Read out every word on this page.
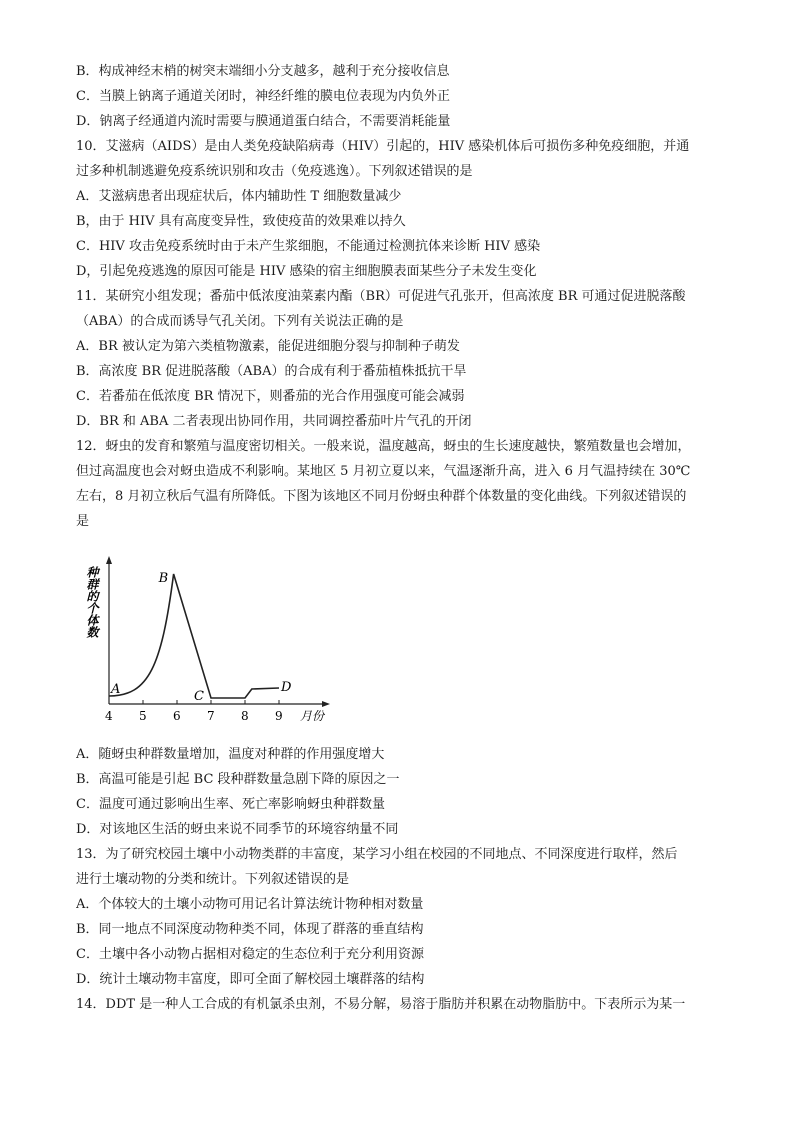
B．构成神经末梢的树突末端细小分支越多，越利于充分接收信息
C．当膜上钠离子通道关闭时，神经纤维的膜电位表现为内负外正
D．钠离子经通道内流时需要与膜通道蛋白结合，不需要消耗能量
10．艾滋病（AIDS）是由人类免疫缺陷病毒（HIV）引起的，HIV 感染机体后可损伤多种免疫细胞，并通
过多种机制逃避免疫系统识别和攻击（免疫逃逸）。下列叙述错误的是
A．艾滋病患者出现症状后，体内辅助性 T 细胞数量减少
B，由于 HIV 具有高度变异性，致使疫苗的效果难以持久
C．HIV 攻击免疫系统时由于未产生浆细胞，不能通过检测抗体来诊断 HIV 感染
D，引起免疫逃逸的原因可能是 HIV 感染的宿主细胞膜表面某些分子未发生变化
11．某研究小组发现；番茄中低浓度油菜素内酯（BR）可促进气孔张开，但高浓度 BR 可通过促进脱落酸
（ABA）的合成而诱导气孔关闭。下列有关说法正确的是
A．BR 被认定为第六类植物激素，能促进细胞分裂与抑制种子萌发
B．高浓度 BR 促进脱落酸（ABA）的合成有利于番茄植株抵抗干旱
C．若番茄在低浓度 BR 情况下，则番茄的光合作用强度可能会减弱
D．BR 和 ABA 二者表现出协同作用，共同调控番茄叶片气孔的开闭
12．蚜虫的发育和繁殖与温度密切相关。一般来说，温度越高，蚜虫的生长速度越快，繁殖数量也会增加，
但过高温度也会对蚜虫造成不利影响。某地区 5 月初立夏以来，气温逐渐升高，进入 6 月气温持续在 30℃
左右，8 月初立秋后气温有所降低。下图为该地区不同月份蚜虫种群个体数量的变化曲线。下列叙述错误的
是
种群的个体数
4 5 6 7 8 9
A
B
C
D
月份
A．随蚜虫种群数量增加，温度对种群的作用强度增大
B．高温可能是引起 BC 段种群数量急剧下降的原因之一
C．温度可通过影响出生率、死亡率影响蚜虫种群数量
D．对该地区生活的蚜虫来说不同季节的环境容纳量不同
13．为了研究校园土壤中小动物类群的丰富度，某学习小组在校园的不同地点、不同深度进行取样，然后
进行土壤动物的分类和统计。下列叙述错误的是
A．个体较大的土壤小动物可用记名计算法统计物种相对数量
B．同一地点不同深度动物种类不同，体现了群落的垂直结构
C．土壤中各小动物占据相对稳定的生态位利于充分利用资源
D．统计土壤动物丰富度，即可全面了解校园土壤群落的结构
14．DDT 是一种人工合成的有机氯杀虫剂，不易分解，易溶于脂肪并积累在动物脂肪中。下表所示为某一
